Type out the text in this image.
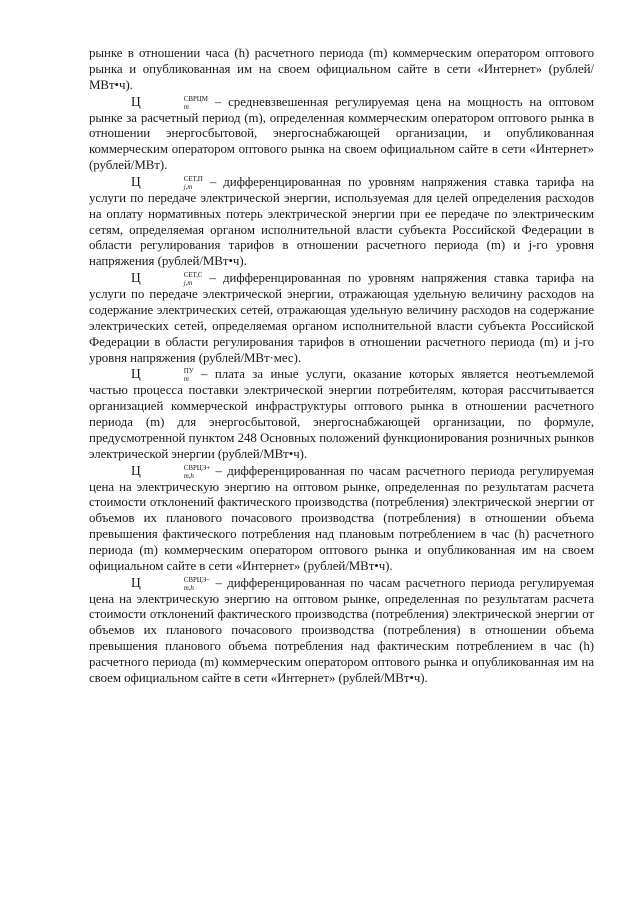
рынке в отношении часа (h) расчетного периода (m) коммерческим оператором оптового рынка и опубликованная им на своем официальном сайте в сети «Интернет» (рублей/МВт•ч).

Ц	СВРЦМ
m	– средневзвешенная регулируемая цена на мощность на оптовом рынке за расчетный период (m), определенная коммерческим оператором оптового рынка в отношении энергосбытовой, энергоснабжающей организации, и опубликованная коммерческим оператором оптового рынка на своем официальном сайте в сети «Интернет» (рублей/МВт).

Ц	СЕТ,П
j,m – дифференцированная по уровням напряжения ставка тарифа на услуги по передаче электрической энергии, используемая для целей определения расходов на оплату нормативных потерь электрической энергии при ее передаче по электрическим сетям, определяемая органом исполнительной власти субъекта Российской Федерации в области регулирования тарифов в отношении расчетного периода (m) и j-го уровня напряжения (рублей/МВт•ч).

Ц	СЕТ,С
j,m – дифференцированная по уровням напряжения ставка тарифа на услуги по передаче электрической энергии, отражающая удельную величину расходов на содержание электрических сетей, отражающая удельную величину расходов на содержание электрических сетей, определяемая органом исполнительной власти субъекта Российской Федерации в области регулирования тарифов в отношении расчетного периода (m) и j-го уровня напряжения (рублей/МВт·мес).

Ц	ПУ
m – плата за иные услуги, оказание которых является неотъемлемой частью процесса поставки электрической энергии потребителям, которая рассчитывается организацией коммерческой инфраструктуры оптового рынка в отношении расчетного периода (m) для энергосбытовой, энергоснабжающей организации, по формуле, предусмотренной пунктом 248 Основных положений функционирования розничных рынков электрической энергии (рублей/МВт•ч).

Ц	СВРЦЭ+
m,h	– дифференцированная по часам расчетного периода регулируемая цена на электрическую энергию на оптовом рынке, определенная по результатам расчета стоимости отклонений фактического производства (потребления) электрической энергии от объемов их планового почасового производства (потребления) в отношении объема превышения фактического потребления над плановым потреблением в час (h) расчетного периода (m) коммерческим оператором оптового рынка и опубликованная им на своем официальном сайте в сети «Интернет» (рублей/МВт•ч).

Ц	СВРЦЭ−
m,h	– дифференцированная по часам расчетного периода регулируемая цена на электрическую энергию на оптовом рынке, определенная по результатам расчета стоимости отклонений фактического производства (потребления) электрической энергии от объемов их планового почасового производства (потребления) в отношении объема превышения планового объема потребления над фактическим потреблением в час (h) расчетного периода (m) коммерческим оператором оптового рынка и опубликованная им на своем официальном сайте в сети «Интернет» (рублей/МВт•ч).
